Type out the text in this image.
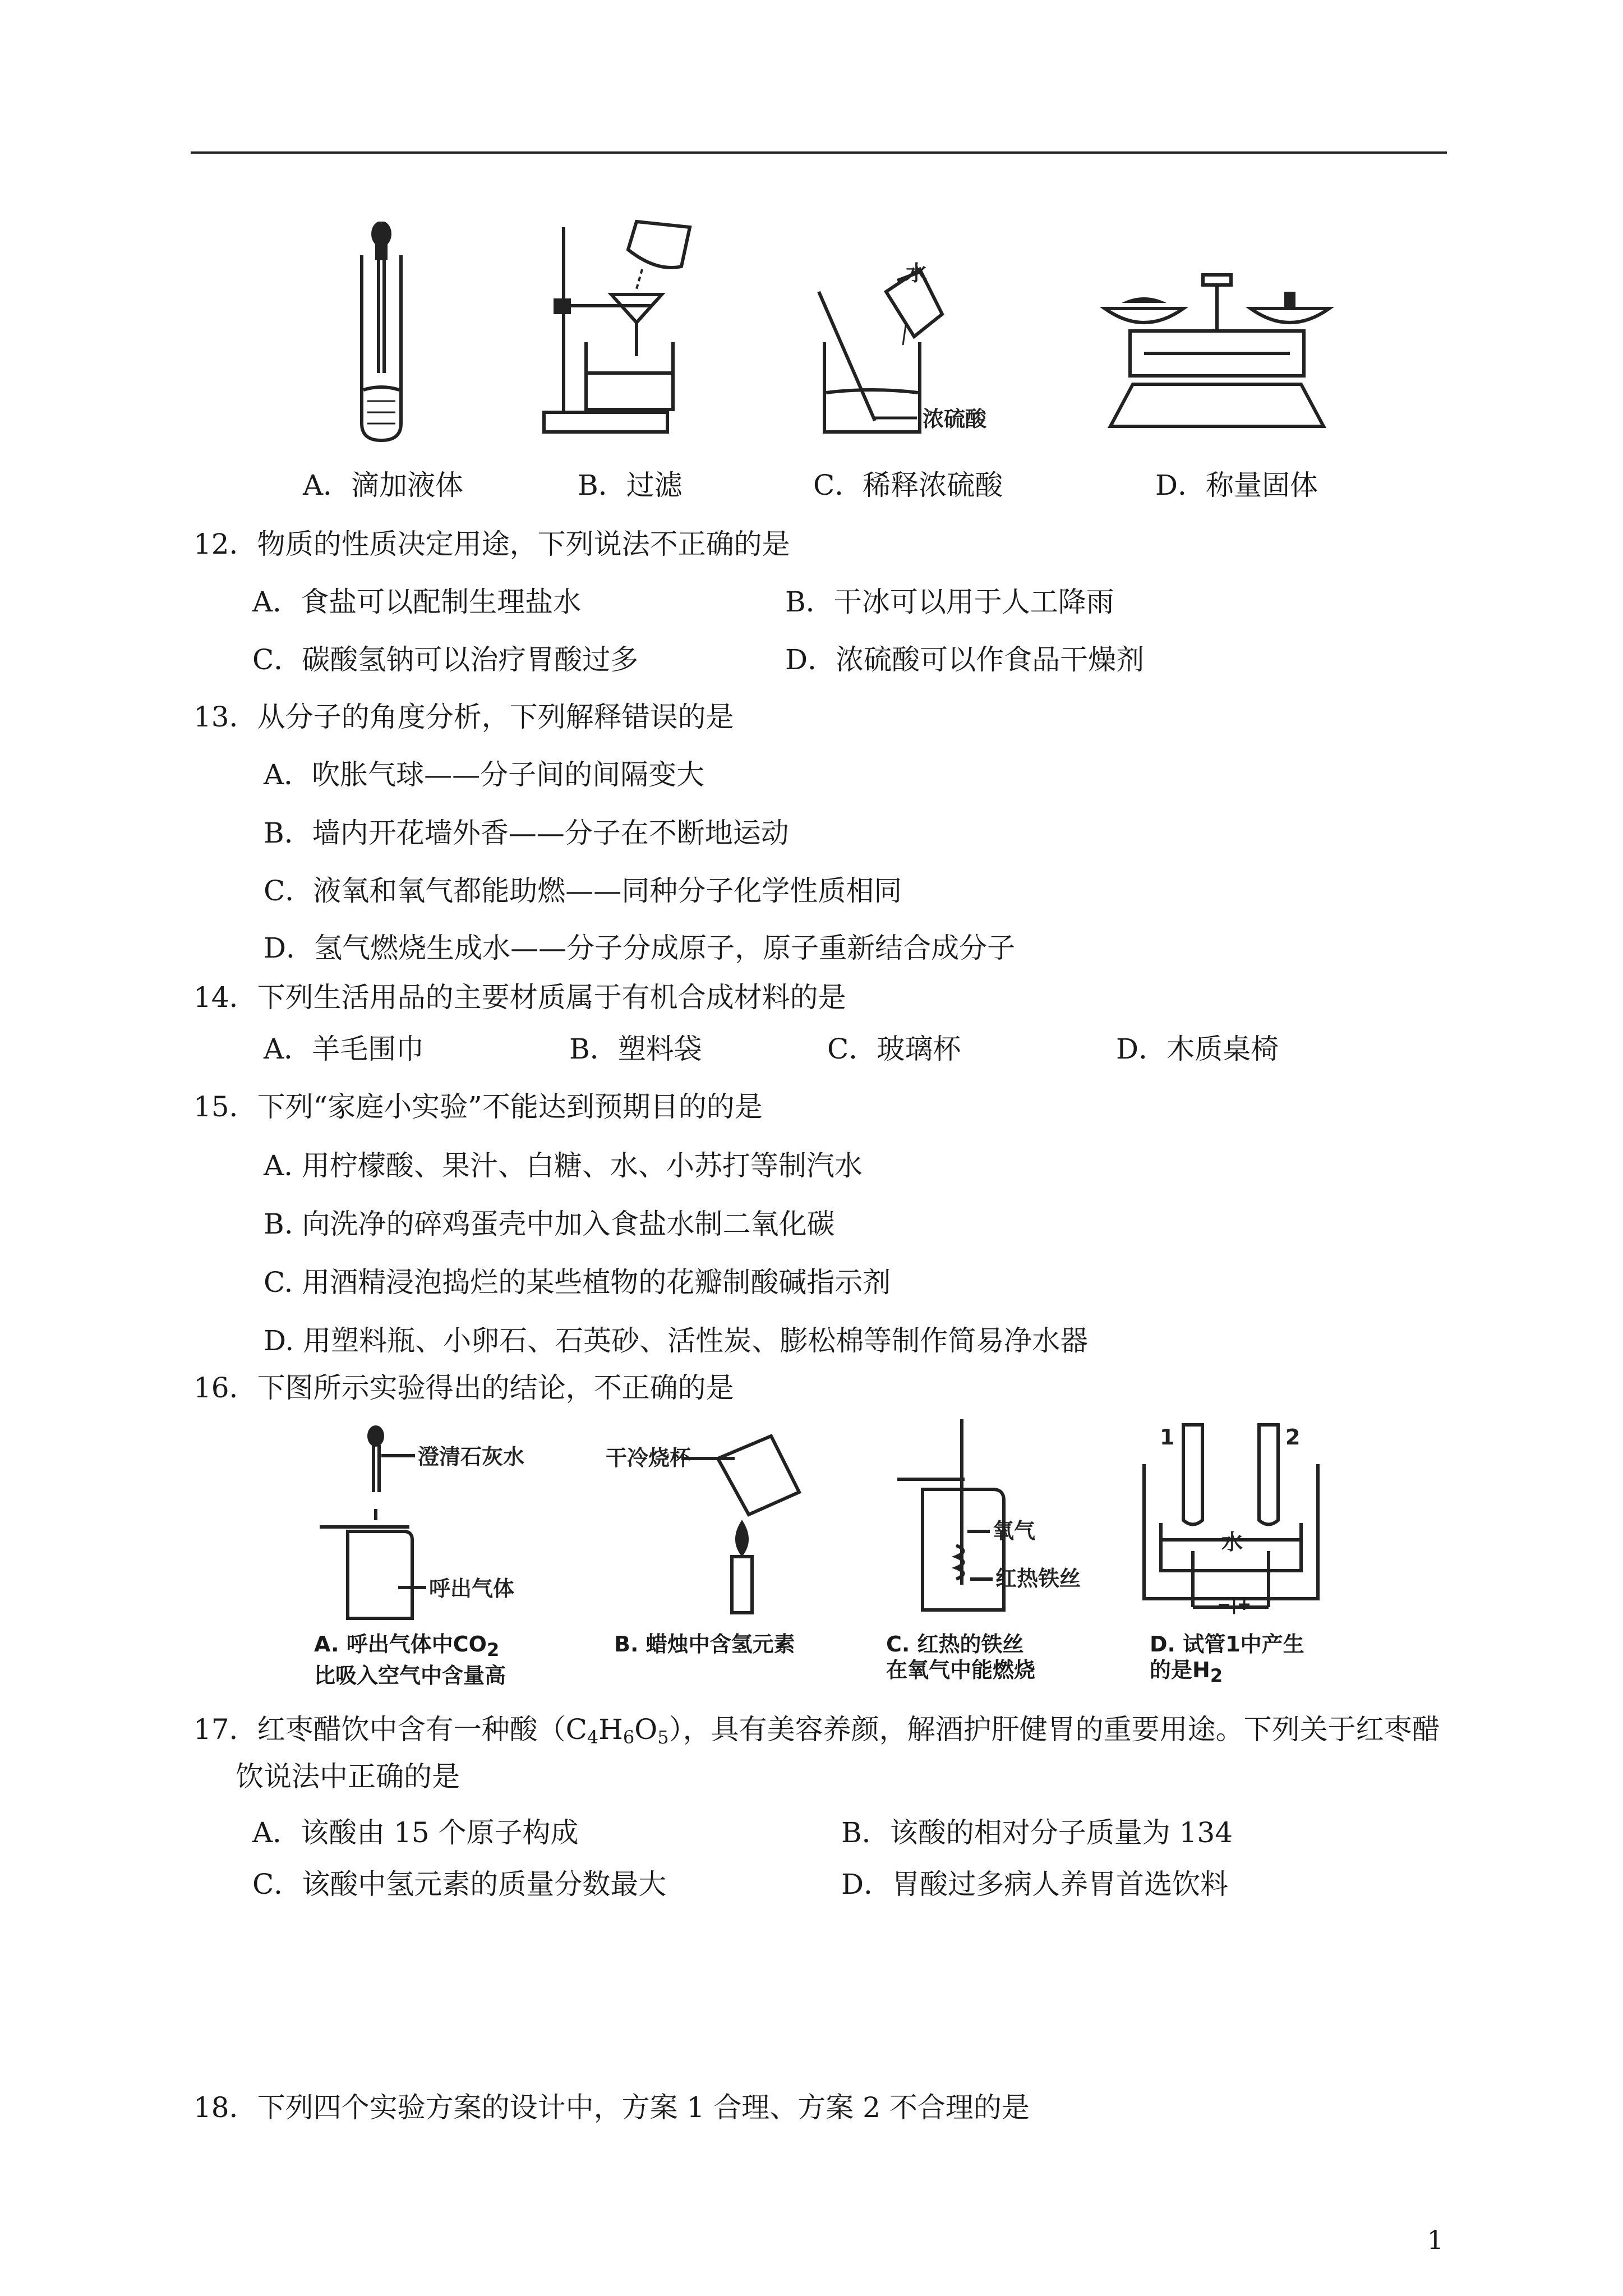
水
浓硫酸
A．滴加液体	B．过滤	C．稀释浓硫酸	D．称量固体
12．物质的性质决定用途，下列说法不正确的是
A．食盐可以配制生理盐水	B．干冰可以用于人工降雨
C．碳酸氢钠可以治疗胃酸过多	D．浓硫酸可以作食品干燥剂
13．从分子的角度分析，下列解释错误的是
A．吹胀气球——分子间的间隔变大
B．墙内开花墙外香——分子在不断地运动
C．液氧和氧气都能助燃——同种分子化学性质相同
D．氢气燃烧生成水——分子分成原子，原子重新结合成分子
14．下列生活用品的主要材质属于有机合成材料的是
A．羊毛围巾	B．塑料袋	C．玻璃杯	D．木质桌椅
15．下列“家庭小实验”不能达到预期目的的是
A. 用柠檬酸、果汁、白糖、水、小苏打等制汽水
B. 向洗净的碎鸡蛋壳中加入食盐水制二氧化碳
C. 用酒精浸泡捣烂的某些植物的花瓣制酸碱指示剂
D. 用塑料瓶、小卵石、石英砂、活性炭、膨松棉等制作简易净水器
16．下图所示实验得出的结论，不正确的是
澄清石灰水
呼出气体
干冷烧杯
氧气
红热铁丝
1	2
水
−|+
A. 呼出气体中$CO_2$
比吸入空气中含量高
B. 蜡烛中含氢元素	C. 红热的铁丝
在氧气中能燃烧
D. 试管1中产生
的是$H_2$
17．红枣醋饮中含有一种酸$(C_4H_6O_5)$，具有美容养颜，解酒护肝健胃的重要用途。下列关于红枣醋
饮说法中正确的是
A．该酸由 15 个原子构成	B．该酸的相对分子质量为 134
C．该酸中氢元素的质量分数最大	D．胃酸过多病人养胃首选饮料
18．下列四个实验方案的设计中，方案 1 合理、方案 2 不合理的是
1
